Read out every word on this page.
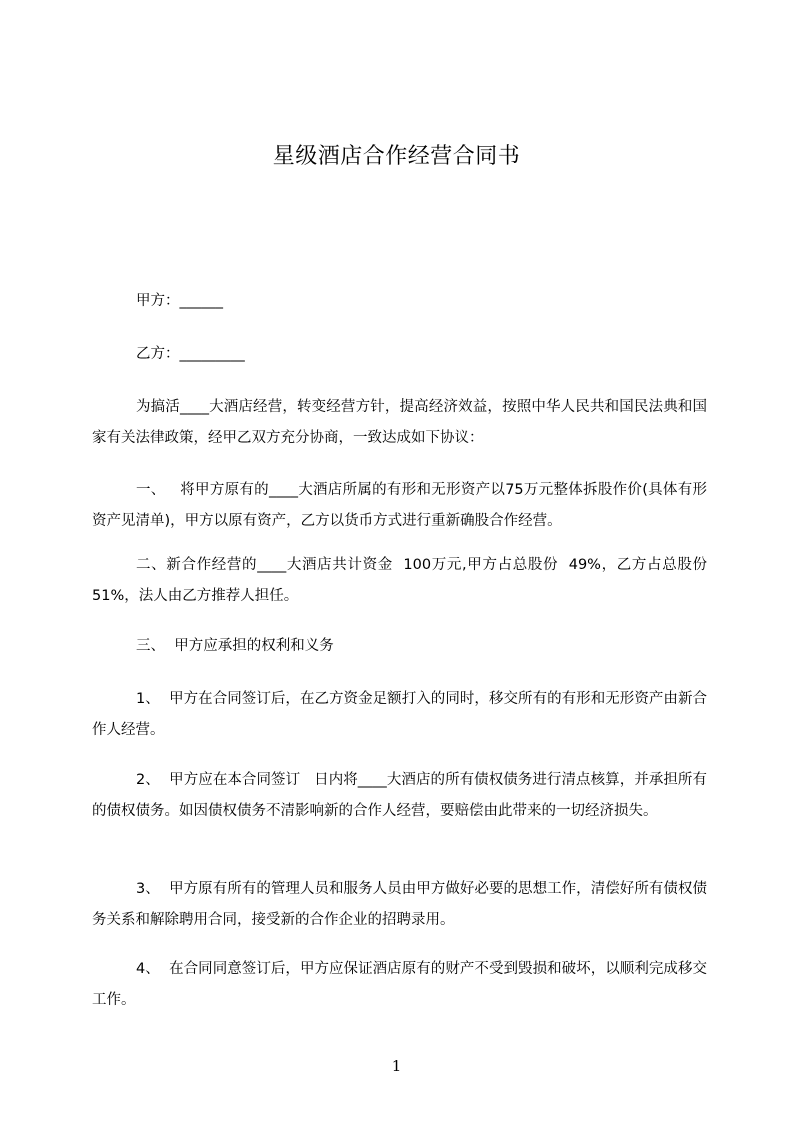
星级酒店合作经营合同书

甲方：______

乙方：_________

为搞活____大酒店经营，转变经营方针，提高经济效益，按照中华人民共和国民法典和国家有关法律政策，经甲乙双方充分协商，一致达成如下协议：

一、   将甲方原有的____大酒店所属的有形和无形资产以75万元整体拆股作价(具体有形资产见清单)，甲方以原有资产，乙方以货币方式进行重新确股合作经营。

二、新合作经营的____大酒店共计资金  100万元,甲方占总股份  49%，乙方占总股份51%，法人由乙方推荐人担任。

三、  甲方应承担的权利和义务

1、  甲方在合同签订后，在乙方资金足额打入的同时，移交所有的有形和无形资产由新合作人经营。

2、  甲方应在本合同签订   日内将____大酒店的所有债权债务进行清点核算，并承担所有的债权债务。如因债权债务不清影响新的合作人经营，要赔偿由此带来的一切经济损失。

3、  甲方原有所有的管理人员和服务人员由甲方做好必要的思想工作，清偿好所有债权债务关系和解除聘用合同，接受新的合作企业的招聘录用。

4、  在合同同意签订后，甲方应保证酒店原有的财产不受到毁损和破坏，以顺利完成移交工作。

1
